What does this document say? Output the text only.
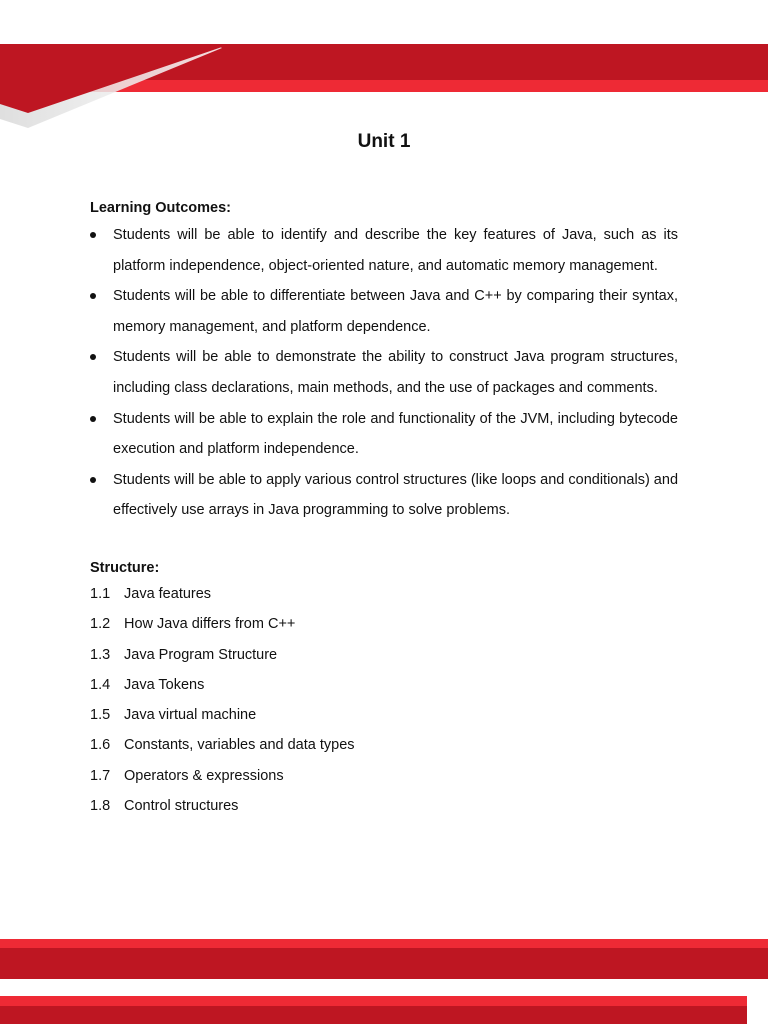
Unit 1
Learning Outcomes:
Students will be able to identify and describe the key features of Java, such as its platform independence, object-oriented nature, and automatic memory management.
Students will be able to differentiate between Java and C++ by comparing their syntax, memory management, and platform dependence.
Students will be able to demonstrate the ability to construct Java program structures, including class declarations, main methods, and the use of packages and comments.
Students will be able to explain the role and functionality of the JVM, including bytecode execution and platform independence.
Students will be able to apply various control structures (like loops and conditionals) and effectively use arrays in Java programming to solve problems.
Structure:
1.1 Java features
1.2 How Java differs from C++
1.3 Java Program Structure
1.4 Java Tokens
1.5 Java virtual machine
1.6 Constants, variables and data types
1.7 Operators & expressions
1.8 Control structures
